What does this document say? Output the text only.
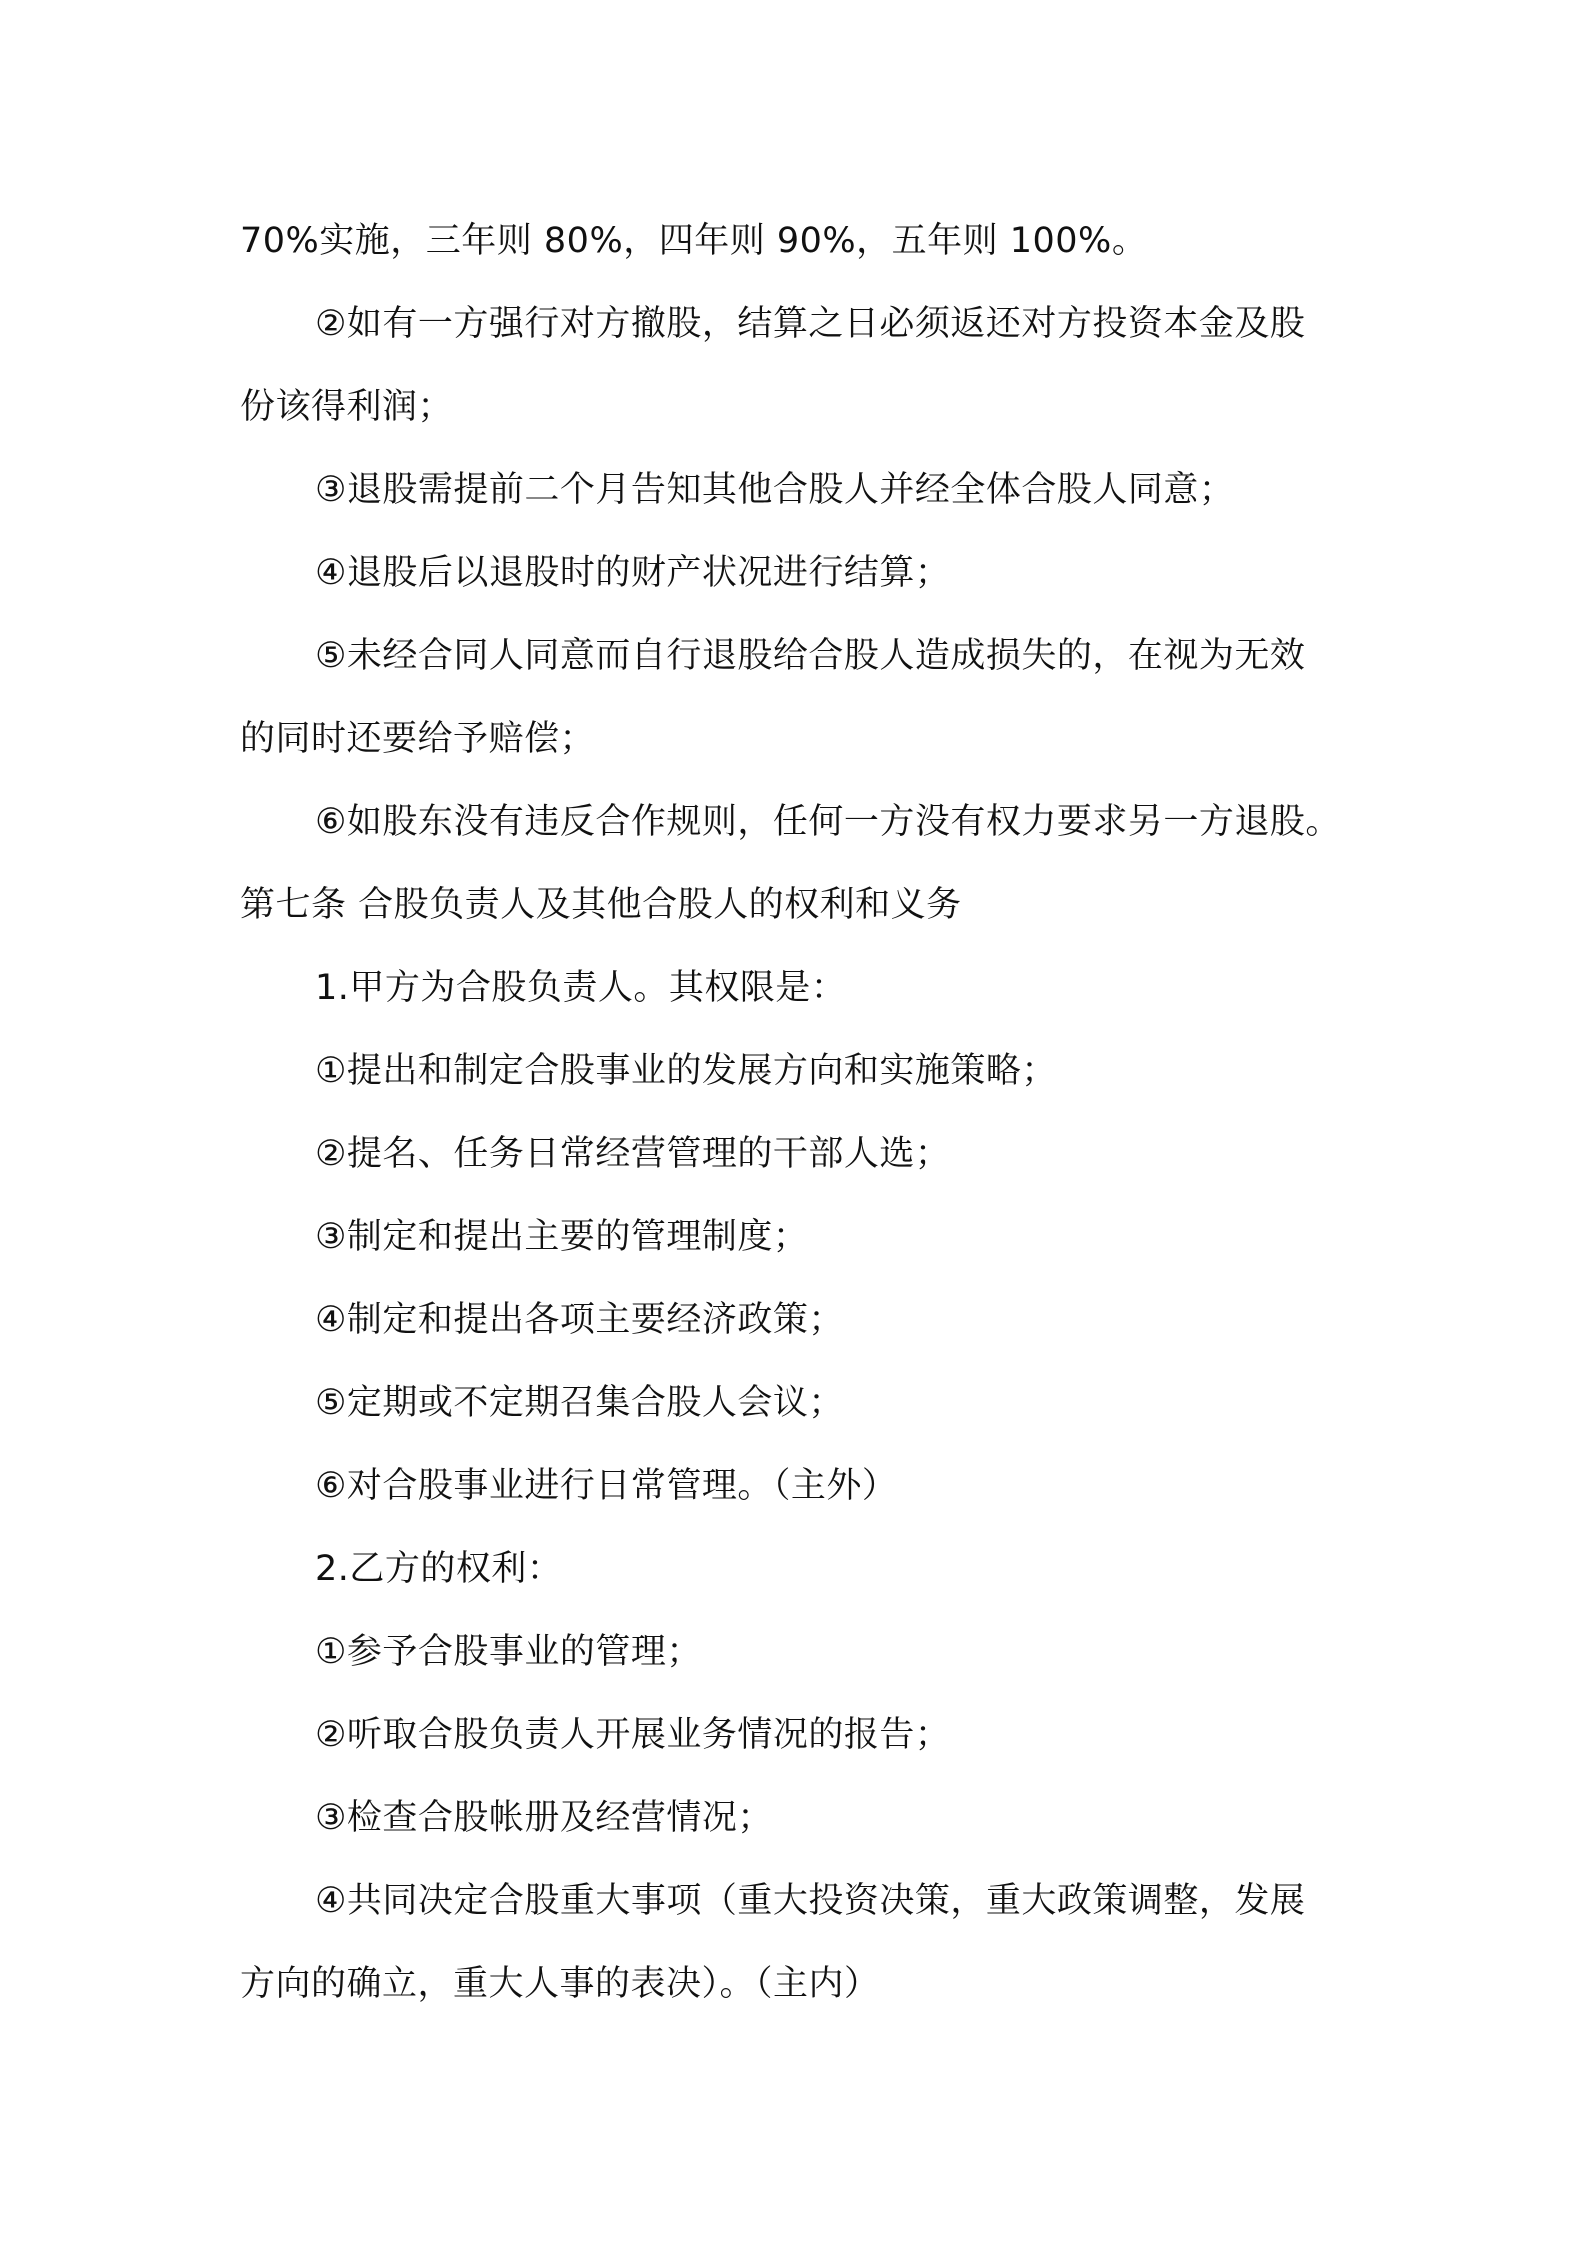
70%实施，三年则 80%，四年则 90%，五年则 100%。
②如有一方强行对方撤股，结算之日必须返还对方投资本金及股
份该得利润；
③退股需提前二个月告知其他合股人并经全体合股人同意；
④退股后以退股时的财产状况进行结算；
⑤未经合同人同意而自行退股给合股人造成损失的，在视为无效
的同时还要给予赔偿；
⑥如股东没有违反合作规则，任何一方没有权力要求另一方退股。
第七条 合股负责人及其他合股人的权利和义务
1.甲方为合股负责人。其权限是：
①提出和制定合股事业的发展方向和实施策略；
②提名、任务日常经营管理的干部人选；
③制定和提出主要的管理制度；
④制定和提出各项主要经济政策；
⑤定期或不定期召集合股人会议；
⑥对合股事业进行日常管理。（主外）
2.乙方的权利：
①参予合股事业的管理；
②听取合股负责人开展业务情况的报告；
③检查合股帐册及经营情况；
④共同决定合股重大事项（重大投资决策，重大政策调整，发展
方向的确立，重大人事的表决）。（主内）
